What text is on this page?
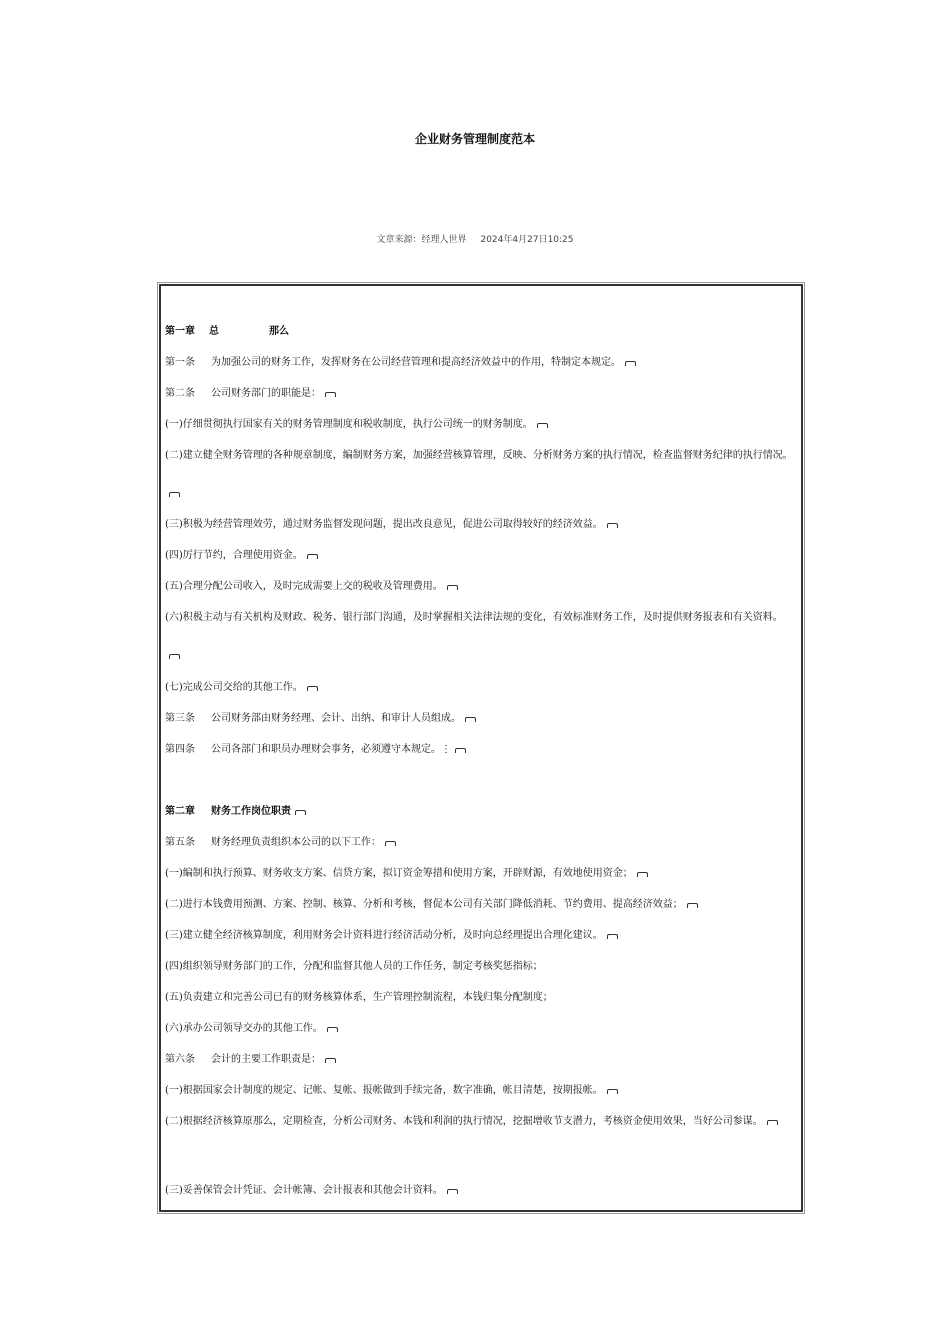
企业财务管理制度范本
文章来源：经理人世界 2024年4月27日10:25
第一章 总	那么
第一条 为加强公司的财务工作，发挥财务在公司经营管理和提高经济效益中的作用，特制定本规定。
第二条 公司财务部门的职能是：
(一)仔细贯彻执行国家有关的财务管理制度和税收制度，执行公司统一的财务制度。
(二)建立健全财务管理的各种规章制度，编制财务方案，加强经营核算管理，反映、分析财务方案的执行情况，检查监督财务纪律的执行情况。
(三)积极为经营管理效劳，通过财务监督发现问题，提出改良意见，促进公司取得较好的经济效益。
(四)厉行节约，合理使用资金。
(五)合理分配公司收入，及时完成需要上交的税收及管理费用。
(六)积极主动与有关机构及财政、税务、银行部门沟通，及时掌握相关法律法规的变化，有效标准财务工作，及时提供财务报表和有关资料。
(七)完成公司交给的其他工作。
第三条 公司财务部由财务经理、会计、出纳、和审计人员组成。
第四条 公司各部门和职员办理财会事务，必须遵守本规定。⋮
第二章 财务工作岗位职责
第五条 财务经理负责组织本公司的以下工作：
(一)编制和执行预算、财务收支方案、信贷方案，拟订资金筹措和使用方案，开辟财源，有效地使用资金；
(二)进行本钱费用预测、方案、控制、核算、分析和考核，督促本公司有关部门降低消耗、节约费用、提高经济效益；
(三)建立健全经济核算制度，利用财务会计资料进行经济活动分析，及时向总经理提出合理化建议。
(四)组织领导财务部门的工作，分配和监督其他人员的工作任务，制定考核奖惩指标；
(五)负责建立和完善公司已有的财务核算体系，生产管理控制流程，本钱归集分配制度；
(六)承办公司领导交办的其他工作。
第六条 会计的主要工作职责是：
(一)根据国家会计制度的规定、记帐、复帐、报帐做到手续完备，数字准确，帐目清楚，按期报帐。
(二)根据经济核算原那么，定期检查，分析公司财务、本钱和利润的执行情况，挖掘增收节支潜力，考核资金使用效果，当好公司参谋。
(三)妥善保管会计凭证、会计帐簿、会计报表和其他会计资料。
